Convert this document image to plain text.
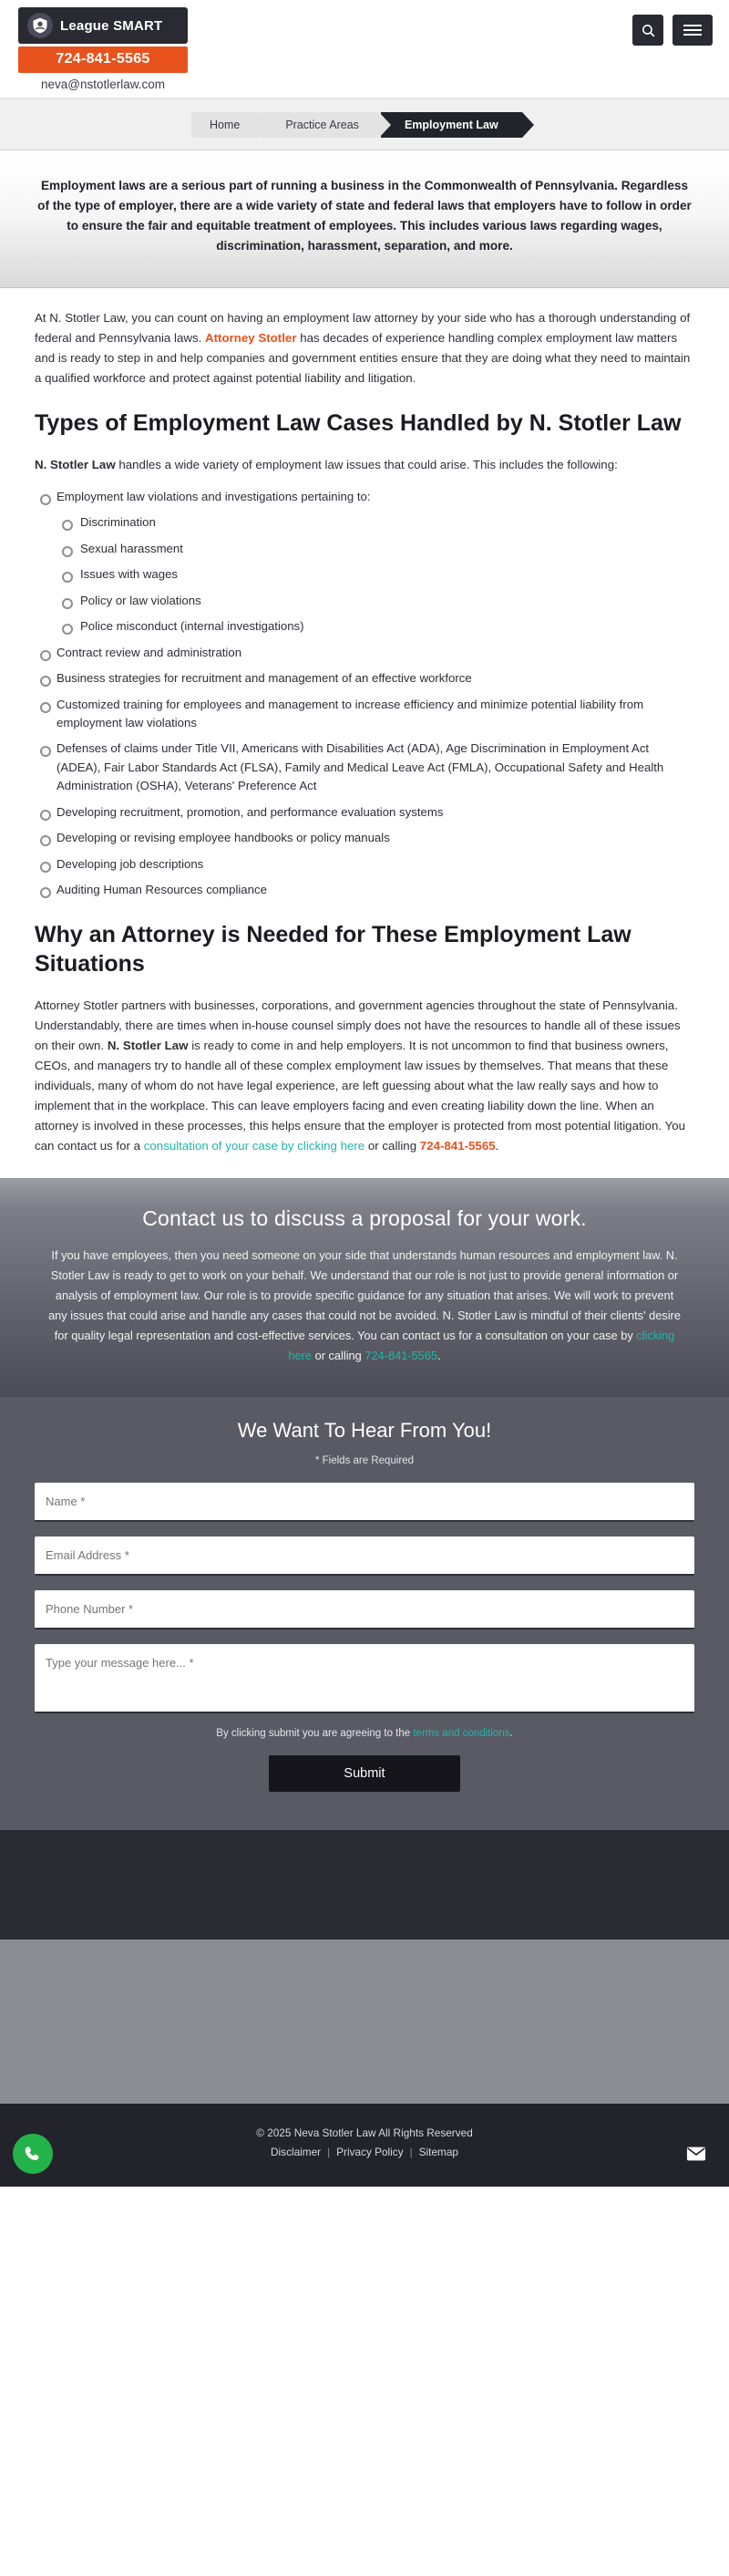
League SMART
724-841-5565
neva@nstotlerlaw.com
Home	Practice Areas	Employment Law

Employment laws are a serious part of running a business in the Commonwealth of Pennsylvania. Regardless of the type of employer, there are a wide variety of state and federal laws that employers have to follow in order to ensure the fair and equitable treatment of employees. This includes various laws regarding wages, discrimination, harassment, separation, and more.

At N. Stotler Law, you can count on having an employment law attorney by your side who has a thorough understanding of federal and Pennsylvania laws. Attorney Stotler has decades of experience handling complex employment law matters and is ready to step in and help companies and government entities ensure that they are doing what they need to maintain a qualified workforce and protect against potential liability and litigation.

Types of Employment Law Cases Handled by N. Stotler Law

N. Stotler Law handles a wide variety of employment law issues that could arise. This includes the following:

Employment law violations and investigations pertaining to:
Discrimination
Sexual harassment
Issues with wages
Policy or law violations
Police misconduct (internal investigations)
Contract review and administration
Business strategies for recruitment and management of an effective workforce
Customized training for employees and management to increase efficiency and minimize potential liability from employment law violations
Defenses of claims under Title VII, Americans with Disabilities Act (ADA), Age Discrimination in Employment Act (ADEA), Fair Labor Standards Act (FLSA), Family and Medical Leave Act (FMLA), Occupational Safety and Health Administration (OSHA), Veterans' Preference Act
Developing recruitment, promotion, and performance evaluation systems
Developing or revising employee handbooks or policy manuals
Developing job descriptions
Auditing Human Resources compliance
Why an Attorney is Needed for These Employment Law Situations

Attorney Stotler partners with businesses, corporations, and government agencies throughout the state of Pennsylvania. Understandably, there are times when in-house counsel simply does not have the resources to handle all of these issues on their own. N. Stotler Law is ready to come in and help employers. It is not uncommon to find that business owners, CEOs, and managers try to handle all of these complex employment law issues by themselves. That means that these individuals, many of whom do not have legal experience, are left guessing about what the law really says and how to implement that in the workplace. This can leave employers facing and even creating liability down the line. When an attorney is involved in these processes, this helps ensure that the employer is protected from most potential litigation. You can contact us for a consultation of your case by clicking here or calling 724-841-5565.

Contact us to discuss a proposal for your work.

If you have employees, then you need someone on your side that understands human resources and employment law. N. Stotler Law is ready to get to work on your behalf. We understand that our role is not just to provide general information or analysis of employment law. Our role is to provide specific guidance for any situation that arises. We will work to prevent any issues that could arise and handle any cases that could not be avoided. N. Stotler Law is mindful of their clients' desire for quality legal representation and cost-effective services. You can contact us for a consultation on your case by clicking here or calling 724-841-5565.

We Want To Hear From You!
* Fields are Required
Name *
Email Address *
Phone Number *
Type your message here... *
By clicking submit you are agreeing to the terms and conditions.
Submit
© 2025 Neva Stotler Law All Rights Reserved
Disclaimer | Privacy Policy | Sitemap
